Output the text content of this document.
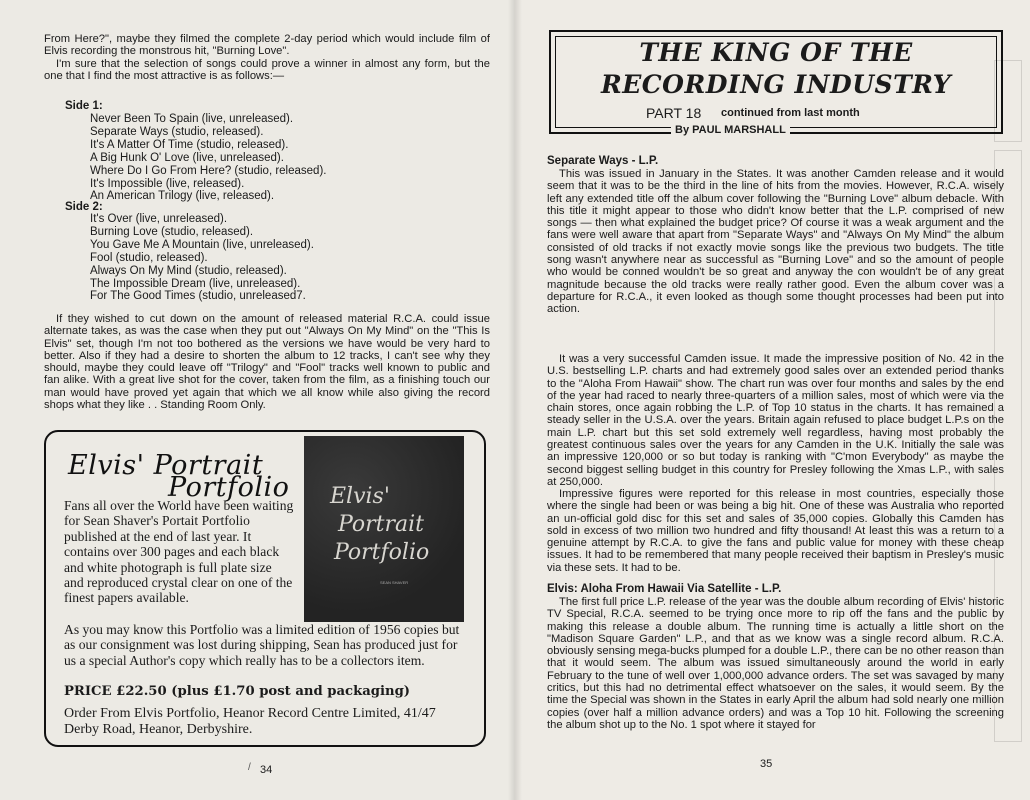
From Here?", maybe they filmed the complete 2-day period which would include film of Elvis recording the monstrous hit, "Burning Love".

I'm sure that the selection of songs could prove a winner in almost any form, but the one that I find the most attractive is as follows:—

Side 1:
Never Been To Spain (live, unreleased).
Separate Ways (studio, released).
It's A Matter Of Time (studio, released).
A Big Hunk O' Love (live, unreleased).
Where Do I Go From Here? (studio, released).
It's Impossible (live, released).
An American Trilogy (live, released).
Side 2:
It's Over (live, unreleased).
Burning Love (studio, released).
You Gave Me A Mountain (live, unreleased).
Fool (studio, released).
Always On My Mind (studio, released).
The Impossible Dream (live, unreleased).
For The Good Times (studio, unreleased7.

If they wished to cut down on the amount of released material R.C.A. could issue alternate takes, as was the case when they put out "Always On My Mind" on the "This Is Elvis" set, though I'm not too bothered as the versions we have would be very hard to better. Also if they had a desire to shorten the album to 12 tracks, I can't see why they should, maybe they could leave off "Trilogy" and "Fool" tracks well known to public and fan alike. With a great live shot for the cover, taken from the film, as a finishing touch our man would have proved yet again that which we all know while also giving the record shops what they like . . Standing Room Only.

Elvis' Portrait
Portfolio Elvis'
Portrait
Portfolio
SEAN SHAVER

Fans all over the World have been waiting for Sean Shaver's Portait Portfolio published at the end of last year. It contains over 300 pages and each black and white photograph is full plate size and reproduced crystal clear on one of the finest papers available.

As you may know this Portfolio was a limited edition of 1956 copies but as our consignment was lost during shipping, Sean has produced just for us a special Author's copy which really has to be a collectors item.

PRICE £22.50 (plus £1.70 post and packaging)

Order From Elvis Portfolio, Heanor Record Centre Limited, 41/47 Derby Road, Heanor, Derbyshire.

/ 34
THE KING OF THE
RECORDING INDUSTRY
PART 18 continued from last month
By PAUL MARSHALL
Separate Ways - L.P.

This was issued in January in the States. It was another Camden release and it would seem that it was to be the third in the line of hits from the movies. However, R.C.A. wisely left any extended title off the album cover following the "Burning Love" album debacle. With this title it might appear to those who didn't know better that the L.P. comprised of new songs — then what explained the budget price? Of course it was a weak argument and the fans were well aware that apart from "Separate Ways" and "Always On My Mind" the album consisted of old tracks if not exactly movie songs like the previous two budgets. The title song wasn't anywhere near as successful as "Burning Love" and so the amount of people who would be conned wouldn't be so great and anyway the con wouldn't be of any great magnitude because the old tracks were really rather good. Even the album cover was a departure for R.C.A., it even looked as though some thought processes had been put into action.

It was a very successful Camden issue. It made the impressive position of No. 42 in the U.S. bestselling L.P. charts and had extremely good sales over an extended period thanks to the "Aloha From Hawaii" show. The chart run was over four months and sales by the end of the year had raced to nearly three-quarters of a million sales, most of which were via the chain stores, once again robbing the L.P. of Top 10 status in the charts. It has remained a steady seller in the U.S.A. over the years. Britain again refused to place budget L.P.s on the main L.P. chart but this set sold extremely well regardless, having most probably the greatest continuous sales over the years for any Camden in the U.K. Initially the sale was an impressive 120,000 or so but today is ranking with "C'mon Everybody" as maybe the second biggest selling budget in this country for Presley following the Xmas L.P., with sales at 250,000.

Impressive figures were reported for this release in most countries, especially those where the single had been or was being a big hit. One of these was Australia who reported an un-official gold disc for this set and sales of 35,000 copies. Globally this Camden has sold in excess of two million two hundred and fifty thousand! At least this was a return to a genuine attempt by R.C.A. to give the fans and public value for money with these cheap issues. It had to be remembered that many people received their baptism in Presley's music via these sets. It had to be.

Elvis: Aloha From Hawaii Via Satellite - L.P.

The first full price L.P. release of the year was the double album recording of Elvis' historic TV Special, R.C.A. seemed to be trying once more to rip off the fans and the public by making this release a double album. The running time is actually a little short on the "Madison Square Garden" L.P., and that as we know was a single record album. R.C.A. obviously sensing mega-bucks plumped for a double L.P., there can be no other reason than that it would seem. The album was issued simultaneously around the world in early February to the tune of well over 1,000,000 advance orders. The set was savaged by many critics, but this had no detrimental effect whatsoever on the sales, it would seem. By the time the Special was shown in the States in early April the album had sold nearly one million copies (over half a million advance orders) and was a Top 10 hit. Following the screening the album shot up to the No. 1 spot where it stayed for

35
